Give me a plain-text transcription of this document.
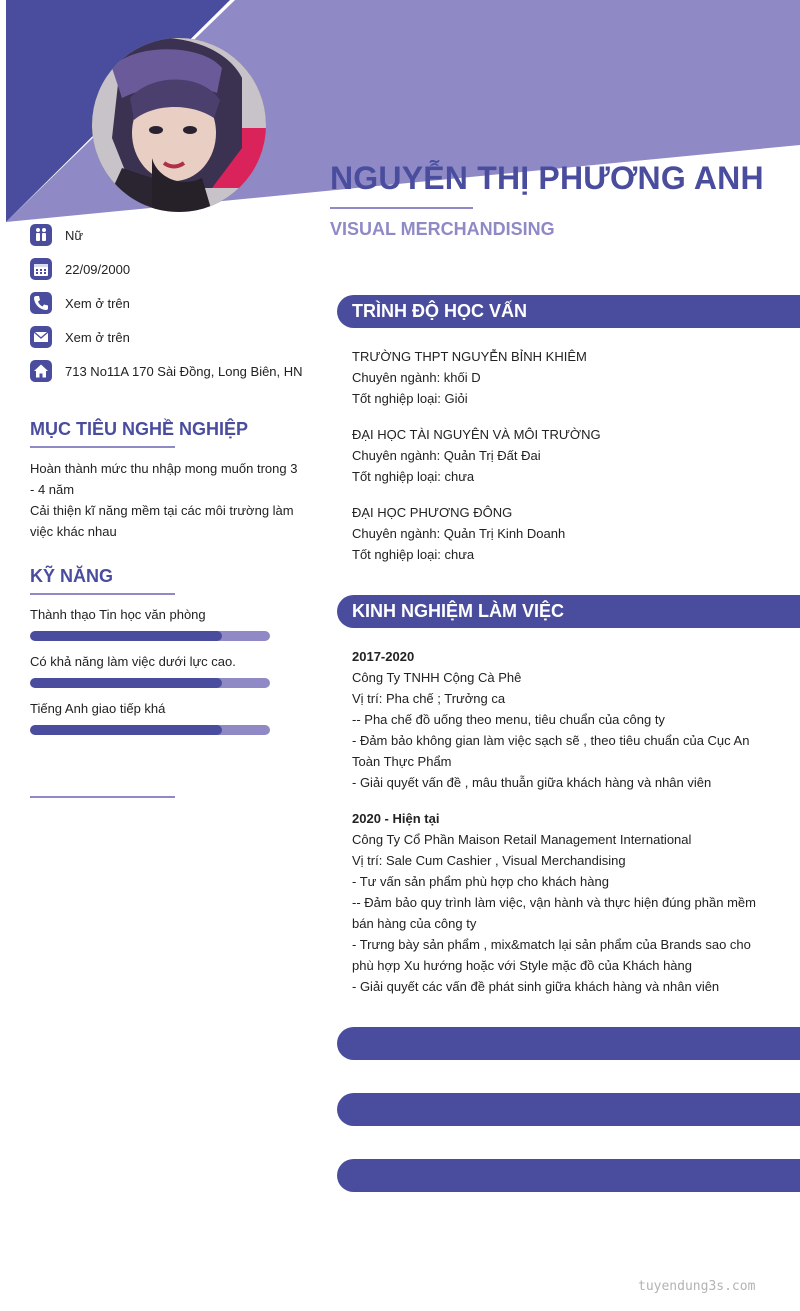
NGUYỄN THỊ PHƯƠNG ANH
VISUAL MERCHANDISING
Nữ
22/09/2000
Xem ở trên
Xem ở trên
713 No11A 170 Sài Đồng, Long Biên, HN
MỤC TIÊU NGHỀ NGHIỆP
Hoàn thành mức thu nhập mong muốn trong 3
- 4 năm
Cải thiện kĩ năng mềm tại các môi trường làm
việc khác nhau
KỸ NĂNG
Thành thạo Tin học văn phòng
Có khả năng làm việc dưới lực cao.
Tiếng Anh giao tiếp khá
TRÌNH ĐỘ HỌC VẤN
TRƯỜNG THPT NGUYỄN BỈNH KHIÊM
Chuyên ngành: khối D
Tốt nghiệp loại: Giỏi
ĐẠI HỌC TÀI NGUYÊN VÀ MÔI TRƯỜNG
Chuyên ngành: Quản Trị Đất Đai
Tốt nghiệp loại: chưa
ĐẠI HỌC PHƯƠNG ĐÔNG
Chuyên ngành: Quản Trị Kinh Doanh
Tốt nghiệp loại: chưa
KINH NGHIỆM LÀM VIỆC
2017-2020
Công Ty TNHH Cộng Cà Phê
Vị trí: Pha chế ; Trưởng ca
-- Pha chế đồ uống theo menu, tiêu chuẩn của công ty
- Đảm bảo không gian làm việc sạch sẽ , theo tiêu chuẩn của Cục An
Toàn Thực Phẩm
- Giải quyết vấn đề , mâu thuẫn giữa khách hàng và nhân viên
2020 - Hiện tại
Công Ty Cổ Phần Maison Retail Management International
Vị trí: Sale Cum Cashier , Visual Merchandising
- Tư vấn sản phẩm phù hợp cho khách hàng
-- Đảm bảo quy trình làm việc, vận hành và thực hiện đúng phần mềm
bán hàng của công ty
- Trưng bày sản phẩm , mix&match lại sản phẩm của Brands sao cho
phù hợp Xu hướng hoặc với Style mặc đồ của Khách hàng
- Giải quyết các vấn đề phát sinh giữa khách hàng và nhân viên
tuyendung3s.com
